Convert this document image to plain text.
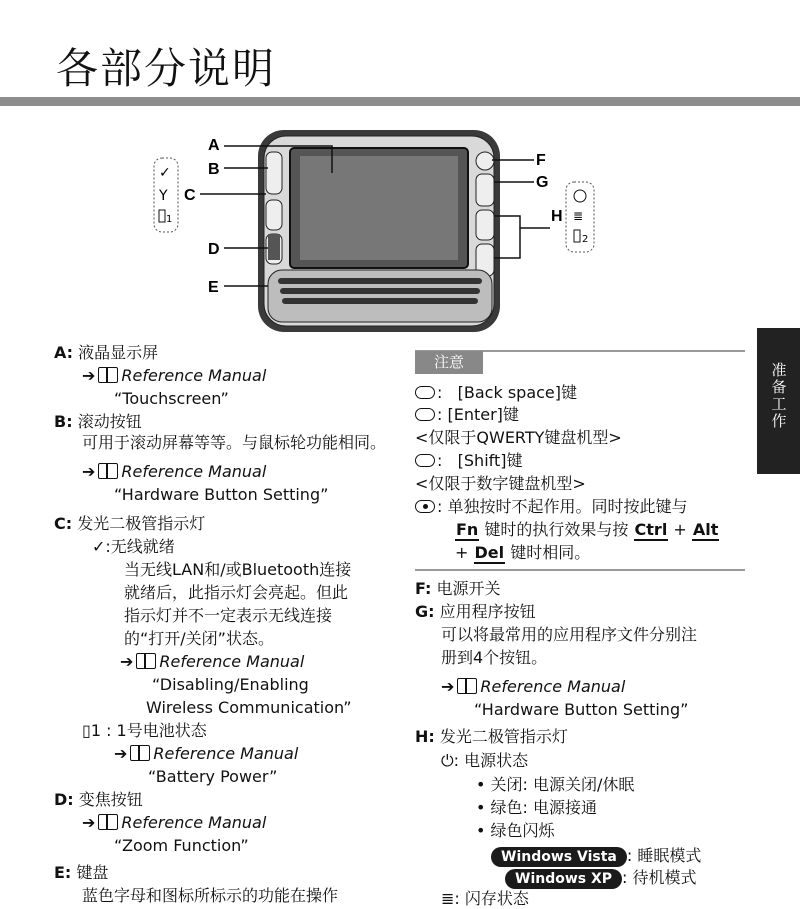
各部分说明
准备工作
✓
Y
1	≣
2
A
B
C
D
E
F
G
H
A: 液晶显示屏
➔ Reference Manual
“Touchscreen”
B: 滚动按钮
可用于滚动屏幕等等。与鼠标轮功能相同。
➔ Reference Manual
“Hardware Button Setting”
C: 发光二极管指示灯
✓:无线就绪
当无线LAN和/或Bluetooth连接
就绪后，此指示灯会亮起。但此
指示灯并不一定表示无线连接
的“打开/关闭”状态。
➔ Reference Manual
“Disabling/Enabling
Wireless Communication”
▯1 : 1号电池状态
➔ Reference Manual
“Battery Power”
D: 变焦按钮
➔ Reference Manual
“Zoom Function”
E: 键盘
蓝色字母和图标所标示的功能在操作
注意
:   [Back space]键
: [Enter]键
<仅限于QWERTY键盘机型>
:   [Shift]键
<仅限于数字键盘机型>
: 单独按时不起作用。同时按此键与
Fn 键时的执行效果与按 Ctrl + Alt
+ Del 键时相同。
F: 电源开关
G: 应用程序按钮
可以将最常用的应用程序文件分别注
册到4个按钮。
➔ Reference Manual
“Hardware Button Setting”
H: 发光二极管指示灯
⏻: 电源状态
• 关闭: 电源关闭/休眠
• 绿色: 电源接通
• 绿色闪烁
Windows Vista : 睡眠模式
Windows XP : 待机模式
≣: 闪存状态
